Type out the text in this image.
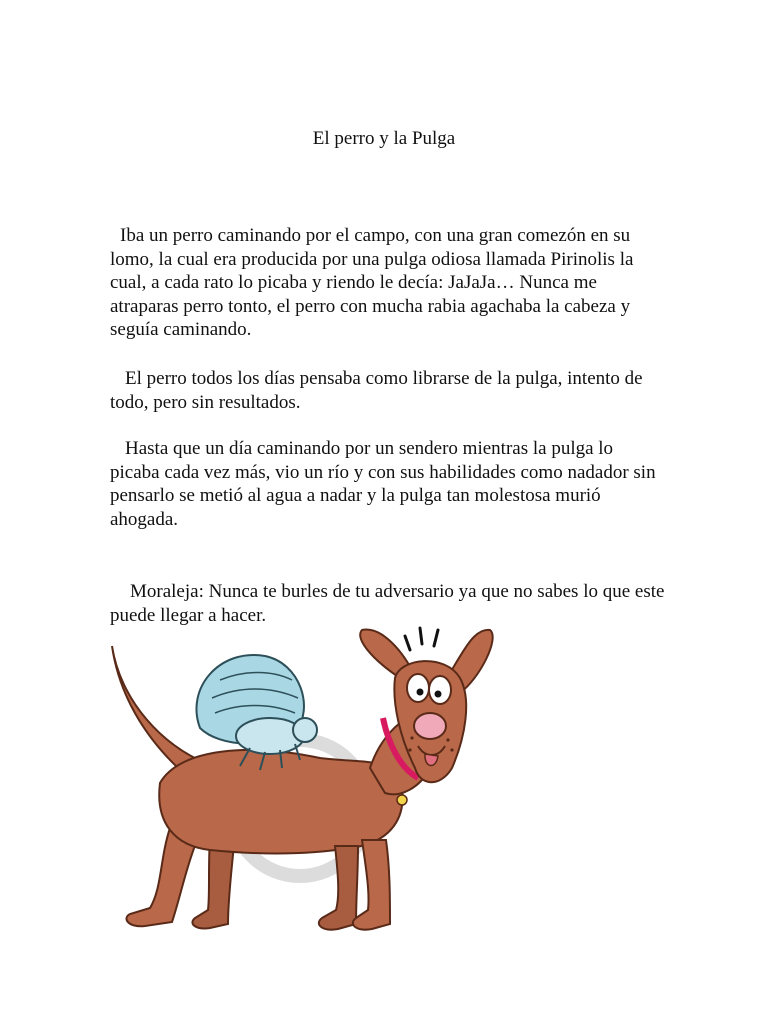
El perro y la Pulga

Iba un perro caminando por el campo, con una gran comezón en su lomo, la cual era producida por una pulga odiosa llamada Pirinolis la cual, a cada rato lo picaba y riendo le decía: JaJaJa… Nunca me atraparas perro tonto, el perro con mucha rabia agachaba la cabeza y seguía caminando.

El perro todos los días pensaba como librarse de la pulga, intento de todo, pero sin resultados.

Hasta que un día caminando por un sendero mientras la pulga lo picaba cada vez más, vio un río y con sus habilidades como nadador sin pensarlo se metió al agua a nadar y la pulga tan molestosa murió ahogada.

Moraleja: Nunca te burles de tu adversario ya que no sabes lo que este puede llegar a hacer.
